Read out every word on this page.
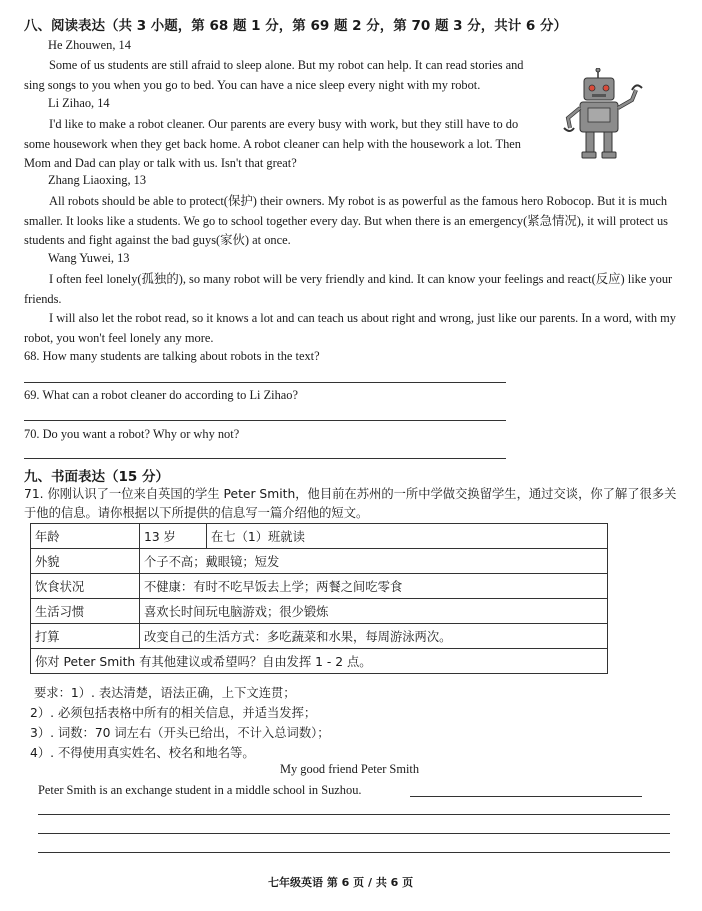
八、阅读表达（共 3 小题，第 68 题 1 分，第 69 题 2 分，第 70 题 3 分，共计 6 分）
He Zhouwen, 14
Some of us students are still afraid to sleep alone. But my robot can help. It can read stories and sing songs to you when you go to bed. You can have a nice sleep every night with my robot.
Li Zihao, 14
I'd like to make a robot cleaner. Our parents are every busy with work, but they still have to do some housework when they get back home. A robot cleaner can help with the housework a lot. Then Mom and Dad can play or talk with us. Isn't that great?
Zhang Liaoxing, 13
All robots should be able to protect(保护) their owners. My robot is as powerful as the famous hero Robocop. But it is much smaller. It looks like a students. We go to school together every day. But when there is an emergency(紧急情况), it will protect us students and fight against the bad guys(家伙) at once.
Wang Yuwei, 13
I often feel lonely(孤独的), so many robot will be very friendly and kind. It can know your feelings and react(反应) like your friends.
I will also let the robot read, so it knows a lot and can teach us about right and wrong, just like our parents. In a word, with my robot, you won't feel lonely any more.
68. How many students are talking about robots in the text?
69. What can a robot cleaner do according to Li Zihao?
70. Do you want a robot? Why or why not?
九、书面表达（15 分）
71. 你刚认识了一位来自英国的学生 Peter Smith，他目前在苏州的一所中学做交换留学生，通过交谈，你了解了很多关于他的信息。请你根据以下所提供的信息写一篇介绍他的短文。
年龄	13 岁	在七（1）班就读
外貌	个子不高；戴眼镜；短发	
饮食状况	不健康：有时不吃早饭去上学；两餐之间吃零食	
生活习惯	喜欢长时间玩电脑游戏；很少锻炼	
打算	改变自己的生活方式：多吃蔬菜和水果，每周游泳两次。	
你对 Peter Smith 有其他建议或希望吗？自由发挥 1 - 2 点。		
要求：1）. 表达清楚，语法正确，上下文连贯；
2）. 必须包括表格中所有的相关信息，并适当发挥；
3）. 词数：70 词左右（开头已给出，不计入总词数）；
4）. 不得使用真实姓名、校名和地名等。
My good friend Peter Smith
Peter Smith is an exchange student in a middle school in Suzhou.
七年级英语 第 6 页 / 共 6 页
